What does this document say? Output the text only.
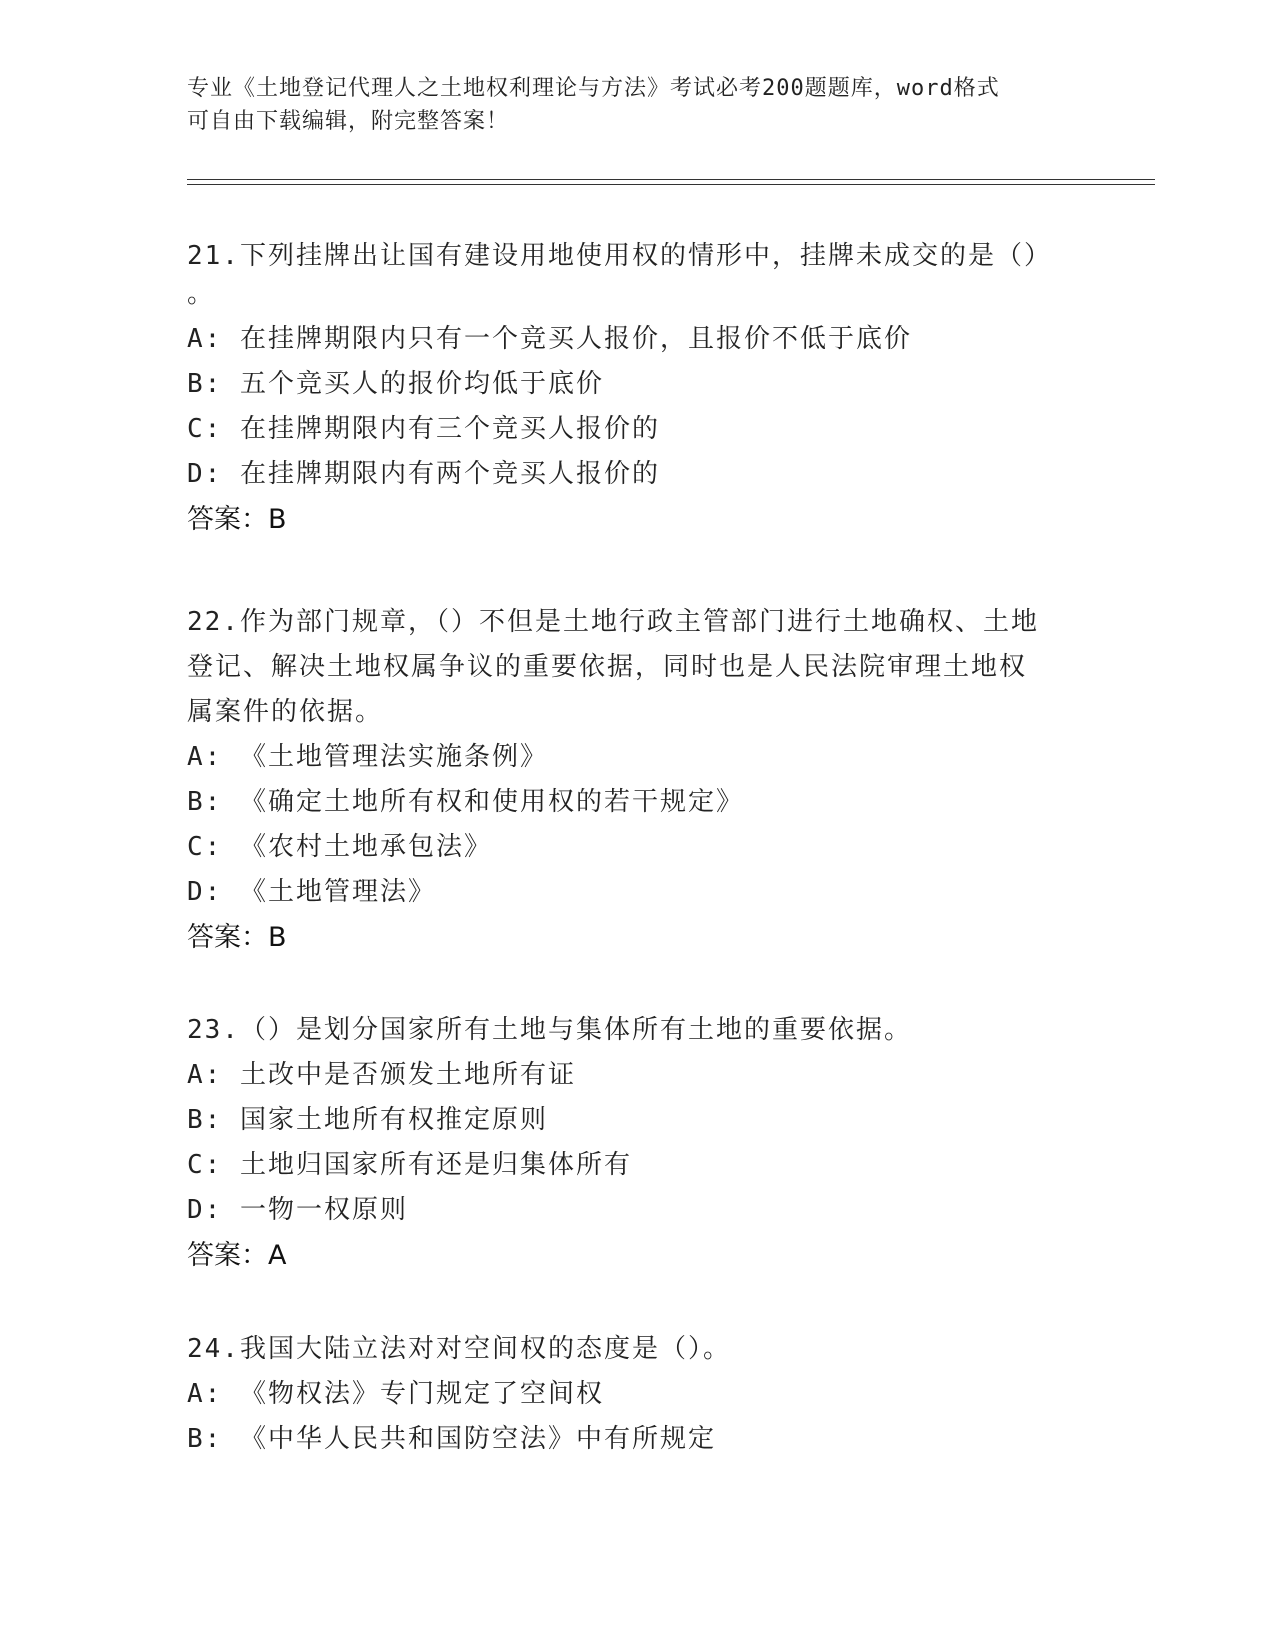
专业《土地登记代理人之土地权利理论与方法》考试必考200题题库，word格式
可自由下载编辑，附完整答案！

21.下列挂牌出让国有建设用地使用权的情形中，挂牌未成交的是（）

。

A: 在挂牌期限内只有一个竞买人报价，且报价不低于底价

B: 五个竞买人的报价均低于底价

C: 在挂牌期限内有三个竞买人报价的

D: 在挂牌期限内有两个竞买人报价的

答案：B

22.作为部门规章，（）不但是土地行政主管部门进行土地确权、土地

登记、解决土地权属争议的重要依据，同时也是人民法院审理土地权

属案件的依据。

A: 《土地管理法实施条例》

B: 《确定土地所有权和使用权的若干规定》

C: 《农村土地承包法》

D: 《土地管理法》

答案：B

23.（）是划分国家所有土地与集体所有土地的重要依据。

A: 土改中是否颁发土地所有证

B: 国家土地所有权推定原则

C: 土地归国家所有还是归集体所有

D: 一物一权原则

答案：A

24.我国大陆立法对对空间权的态度是（）。

A: 《物权法》专门规定了空间权

B: 《中华人民共和国防空法》中有所规定
